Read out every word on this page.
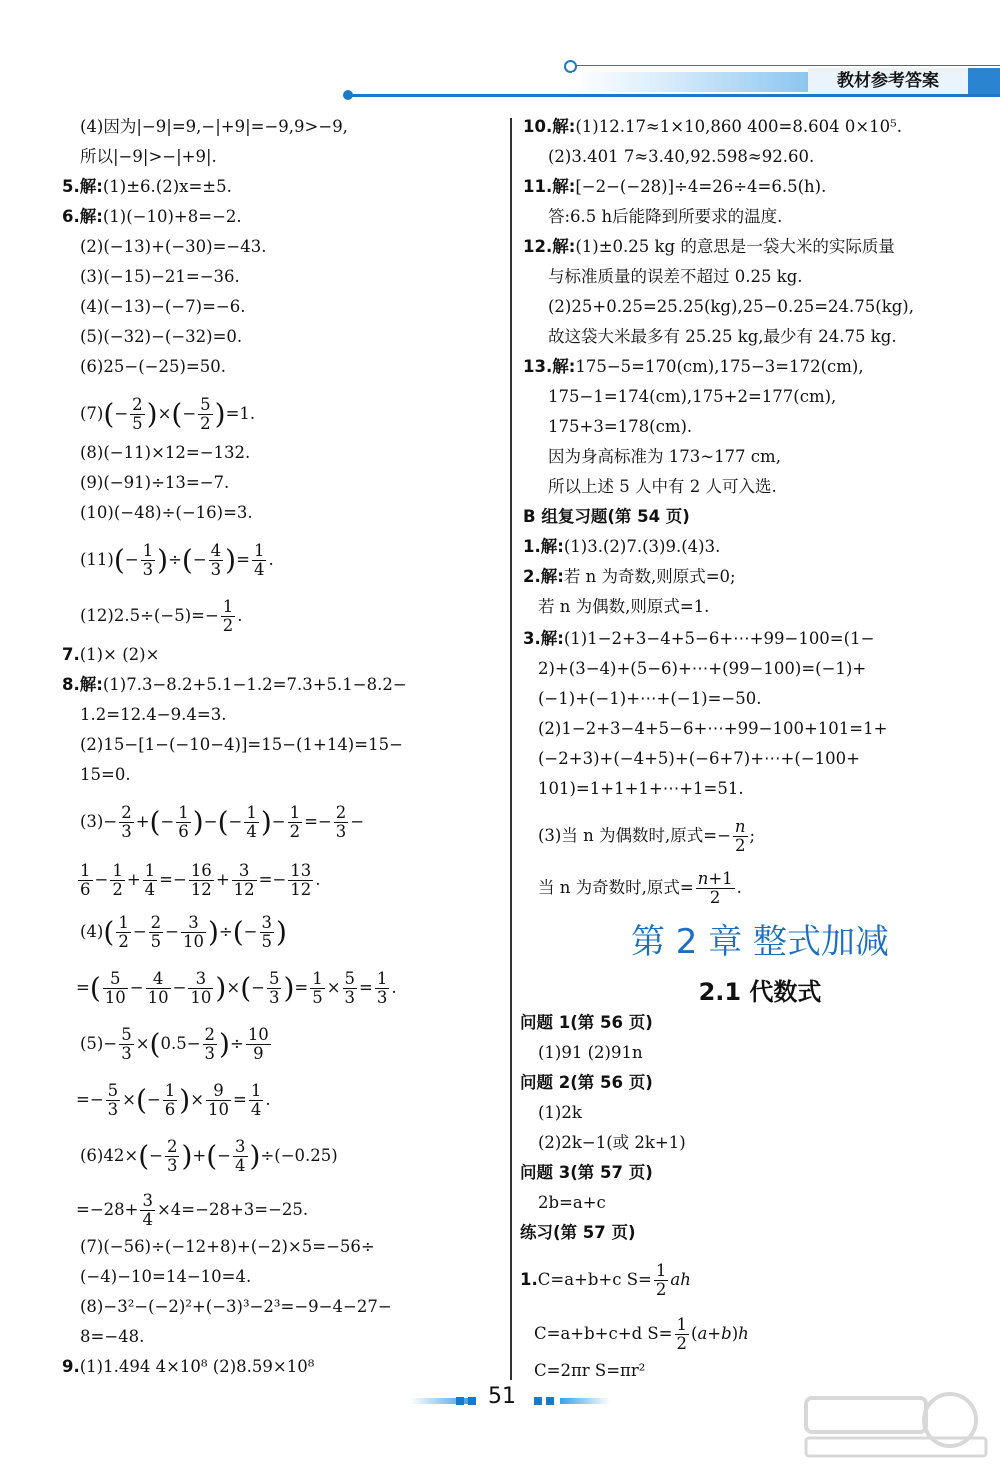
教材参考答案
(4)因为|−9|=9,−|+9|=−9,9>−9,
所以|−9|>−|+9|.
5.解:(1)±6.(2)x=±5.
6.解:(1)(−10)+8=−2.
(2)(−13)+(−30)=−43.
(3)(−15)−21=−36.
(4)(−13)−(−7)=−6.
(5)(−32)−(−32)=0.
(6)25−(−25)=50.
$(7)(- \frac{2}{5}$ )×(− $\frac{5}{2} )=1$.
(8)(−11)×12=−132.
(9)(−91)÷13=−7.
(10)(−48)÷(−16)=3.
$(11)(- \frac{1}{3}$ )÷(− $\frac{4}{3}$ )= $\frac{1}{4}$ .
$(12)2.5\div(-5)=- \frac{1}{2}$ .
7.(1)× (2)×
8.解:(1)7.3−8.2+5.1−1.2=7.3+5.1−8.2−
1.2=12.4−9.4=3.
(2)15−[1−(−10−4)]=15−(1+14)=15−
15=0.
$(3)- \frac{2}{3}$ +(− $\frac{1}{6}$ )−(− $\frac{1}{4}$ )− $\frac{1}{2} =- \frac{2}{3}$ −
$\frac{1}{6} - \frac{1}{2} + \frac{1}{4} =- \frac{16}{12} + \frac{3}{12} =- \frac{13}{12}$ .
$(4)( \frac{1}{2} - \frac{2}{5} - \frac{3}{10}$ )÷(− $\frac{3}{5}$ )
=( $\frac{5}{10} - \frac{4}{10} - \frac{3}{10}$ )×(− $\frac{5}{3}$ )= $\frac{1}{5} \times \frac{5}{3} = \frac{1}{3}$ .
$(5)- \frac{5}{3} \times(0.5- \frac{2}{3}$ )÷ $\frac{10}{9}$
=− $\frac{5}{3}$ ×(− $\frac{1}{6}$ )× $\frac{9}{10} = \frac{1}{4}$ .
$(6)42\times(- \frac{2}{3}$ )+(− $\frac{3}{4} )\div(-0.25)$
$=-28+ \frac{3}{4} \times 4=-28+3=-25$.
(7)(−56)÷(−12+8)+(−2)×5=−56÷
(−4)−10=14−10=4.
(8)−3²−(−2)²+(−3)³−2³=−9−4−27−
8=−48.
9.(1)1.494 4×10⁸ (2)8.59×10⁸
10.解:(1)12.17≈1×10,860 400=8.604 0×10⁵.
(2)3.401 7≈3.40,92.598≈92.60.
11.解:[−2−(−28)]÷4=26÷4=6.5(h).
答:6.5 h后能降到所要求的温度.
12.解:(1)±0.25 kg 的意思是一袋大米的实际质量
与标准质量的误差不超过 0.25 kg.
(2)25+0.25=25.25(kg),25−0.25=24.75(kg),
故这袋大米最多有 25.25 kg,最少有 24.75 kg.
13.解:175−5=170(cm),175−3=172(cm),
175−1=174(cm),175+2=177(cm),
175+3=178(cm).
因为身高标准为 173∼177 cm,
所以上述 5 人中有 2 人可入选.
B 组复习题(第 54 页)
1.解:(1)3.(2)7.(3)9.(4)3.
2.解:若 n 为奇数,则原式=0;
若 n 为偶数,则原式=1.
3.解:(1)1−2+3−4+5−6+⋯+99−100=(1−
2)+(3−4)+(5−6)+⋯+(99−100)=(−1)+
(−1)+(−1)+⋯+(−1)=−50.
(2)1−2+3−4+5−6+⋯+99−100+101=1+
(−2+3)+(−4+5)+(−6+7)+⋯+(−100+
101)=1+1+1+⋯+1=51.
(3)当 n 为偶数时,原式=− $\frac{n}{2}$ ;
当 n 为奇数时,原式= $\frac{n+1}{2}$ .
第 2 章 整式加减
2.1 代数式
问题 1(第 56 页)
(1)91 (2)91n
问题 2(第 56 页)
(1)2k
(2)2k−1(或 2k+1)
问题 3(第 57 页)
2b=a+c
练习(第 57 页)
1.C=a+b+c $S= \frac{1}{2}$ ah
C=a+b+c+d $S= \frac{1}{2} (a+b)h$
C=2πr S=πr²
51
